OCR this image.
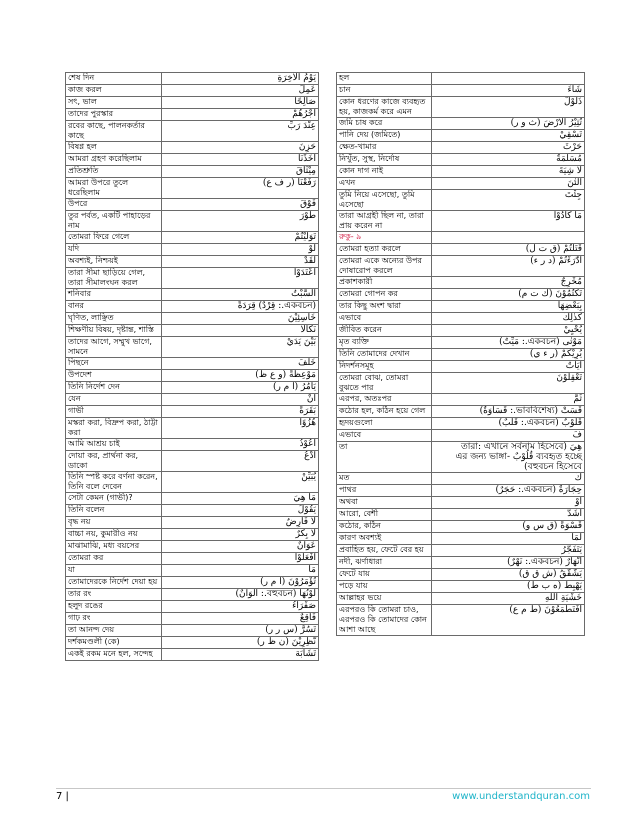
শেষ দিন	يَوْمُ الْآخِرَةِ
কাজ করল	عَمِلَ
সৎ, ভাল	صَالِحًا
তাদের পুরস্কার	أَجْرُهُمْ
রবের কাছে, পালনকর্তার কাছে	عِنْدَ رَبِّ
বিষণ্ণ হল	حَزِنَ
আমরা গ্রহণ করেছিলাম	أَخَذْنَا
প্রতিশ্রুতি	مِيْثَاقَ
আমরা উপরে তুলে ধরেছিলাম	رَفَعْنَا (ر ف ع)
উপরে	فَوْقَ
তুর পর্বত, একটি পাহাড়ের নাম	طُوْرَ
তোমরা ফিরে গেলে	تَوَلَّيْتُمْ
যদি	لَوْ
অবশ্যই, নিশ্চয়ই	لَقَدْ
তারা সীমা ছাড়িয়ে গেল, তারা সীমালংঘন করল	اعْتَدَوْا
শনিবার	السَّبْتُ
বানর	(একবচন.: قِرْدٌ) قِرَدَةً
ঘৃণিত, লাঞ্ছিত	خَاسِئِيْنَ
শিক্ষণীয় বিষয়, দৃষ্টান্ত, শাস্তি	نَكَالًا
তাদের আগে, সম্মুখ ভাগে, সামনে	بَيْنَ يَدَيْ
পিছনে	خَلْفَ
উপদেশ	مَوْعِظَةً (و ع ظ)
তিনি নির্দেশ দেন	يَأْمُرُ (ا م ر)
যেন	أَنْ
গাভী	بَقَرَةً
মস্করা করা, বিদ্রুপ করা, ঠাট্টা করা	هُزُوًا
আমি আশ্রয় চাই	أَعُوْذُ
দোয়া কর, প্রার্থনা কর, ডাকো	اُدْعُ
তিনি স্পষ্ট করে বর্ণনা করেন, তিনি বলে দেবেন	يُبَيِّنْ
সেটা কেমন (গাভী)?	مَا هِيَ
তিনি বলেন	يَقُوْلُ
বৃদ্ধ নয়	لَا فَارِضٌ
বাচ্চা নয়, কুমারীও নয়	لَا بِكْرٌ
মাঝামাঝি, মধ্য বয়সের	عَوَانٌ
তোমরা কর	افْعَلُوْا
যা	مَا
তোমাদেরকে নির্দেশ দেয়া হয়	تُؤْمَرُوْنَ (ا م ر)
তার রং	لَوْنُهَا (বহুবচন.: أَلْوَانٌ)
হলুদ রঙের	صَفْرَاءُ
গাঢ় রং	فَاقِعٌ
তা আনন্দ দেয়	تَسُرُّ (س ر ر)
দর্শকমণ্ডলী (কে)	نَّظِرِيْنَ (ن ظ ر)
একই রকম মনে হল, সন্দেহ	تَشَابَهَ
হল	
চান	شَاءَ
কোন ধরণের কাজে ব্যবহৃত হয়, কাজকর্ম করে এমন	ذَلُوْلٌ
জমি চাষ করে	تُثِيْرُ الْأَرْضَ (ث و ر)
পানি দেয় (জমিতে)	تَسْقِيْ
ক্ষেত-খামার	حَرْثَ
নিখুঁত, সুস্থ, নির্দোষ	مُسَلَّمَةٌ
কোন দাগ নাই	لَا شِيَةَ
এখন	اَلْئٰنَ
তুমি নিয়ে এসেছো, তুমি এসেছো	جِئْتَ
তারা আগ্রহী ছিল না, তারা প্রায় করেন না	مَا كَادُوْا
রুকু- ৯	
তোমরা হত্যা করলে	قَتَلْتُمْ (ق ت ل)
তোমরা একে অন্যের উপর দোষারোপ করলে	ادّٰرَءْتُمْ (د ر ء)
প্রকাশকারী	مُخْرِجٌ
তোমরা গোপন কর	تَكْتُمُوْنَ (ك ت م)
তার কিছু অংশ দ্বারা	بِبَعْضِهَا
এভাবে	كَذٰلِكَ
জীবিত করেন	يُحْيِيْ
মৃত ব্যক্তি	مَوْتٰى (একবচন.: مَيِّتٌ)
তিনি তোমাদের দেখান	يُرِيْكُمْ (ر ء ي)
নিদর্শনসমূহ	اٰيَاتٌ
তোমরা বোঝ, তোমরা বুঝতে পার	تَعْقِلُوْنَ
এরপর, অতঃপর	ثُمَّ
কঠোর হল, কঠিন হয়ে গেল	قَسَتْ (ভাববিশেষ্য.: قَسَاوَةٌ)
হৃদয়গুলো	قُلُوْبٌ (একবচন.: قَلْبٌ)
এভাবে	فَ
তা	هِيَ (তারা: এখানে সর্বনাম হিসেবে ব্যবহৃত হচ্ছে قُلُوْبٌ -এর জন্য ভাঙ্গা বহুবচন হিসেবে)
মত	كَ
পাথর	حِجَارَةٌ (একবচন.: حَجَرٌ)
অথবা	أَوْ
আরো, বেশী	أَشَدُّ
কঠোর, কঠিন	قَسْوَةً (ق س و)
কারণ অবশ্যই	لَمَا
প্রবাহিত হয়, ফেটে বের হয়	يَتَفَجَّرُ
নদী, ঝর্ণাধারা	أَنْهَارٌ (একবচন.: نَهْرٌ)
ফেটে যায়	يَشَّقَّقُ (ش ق ق)
পড়ে যায়	يَهْبِطُ (ه ب ط)
আল্লাহর ভয়ে	خَشْيَةِ اللّٰهِ
এরপরও কি তোমরা চাও, এরপরও কি তোমাদের কোন আশা আছে	أَفَتَطْمَعُوْنَ (ط م ع)
7 |	www.understandquran.com
